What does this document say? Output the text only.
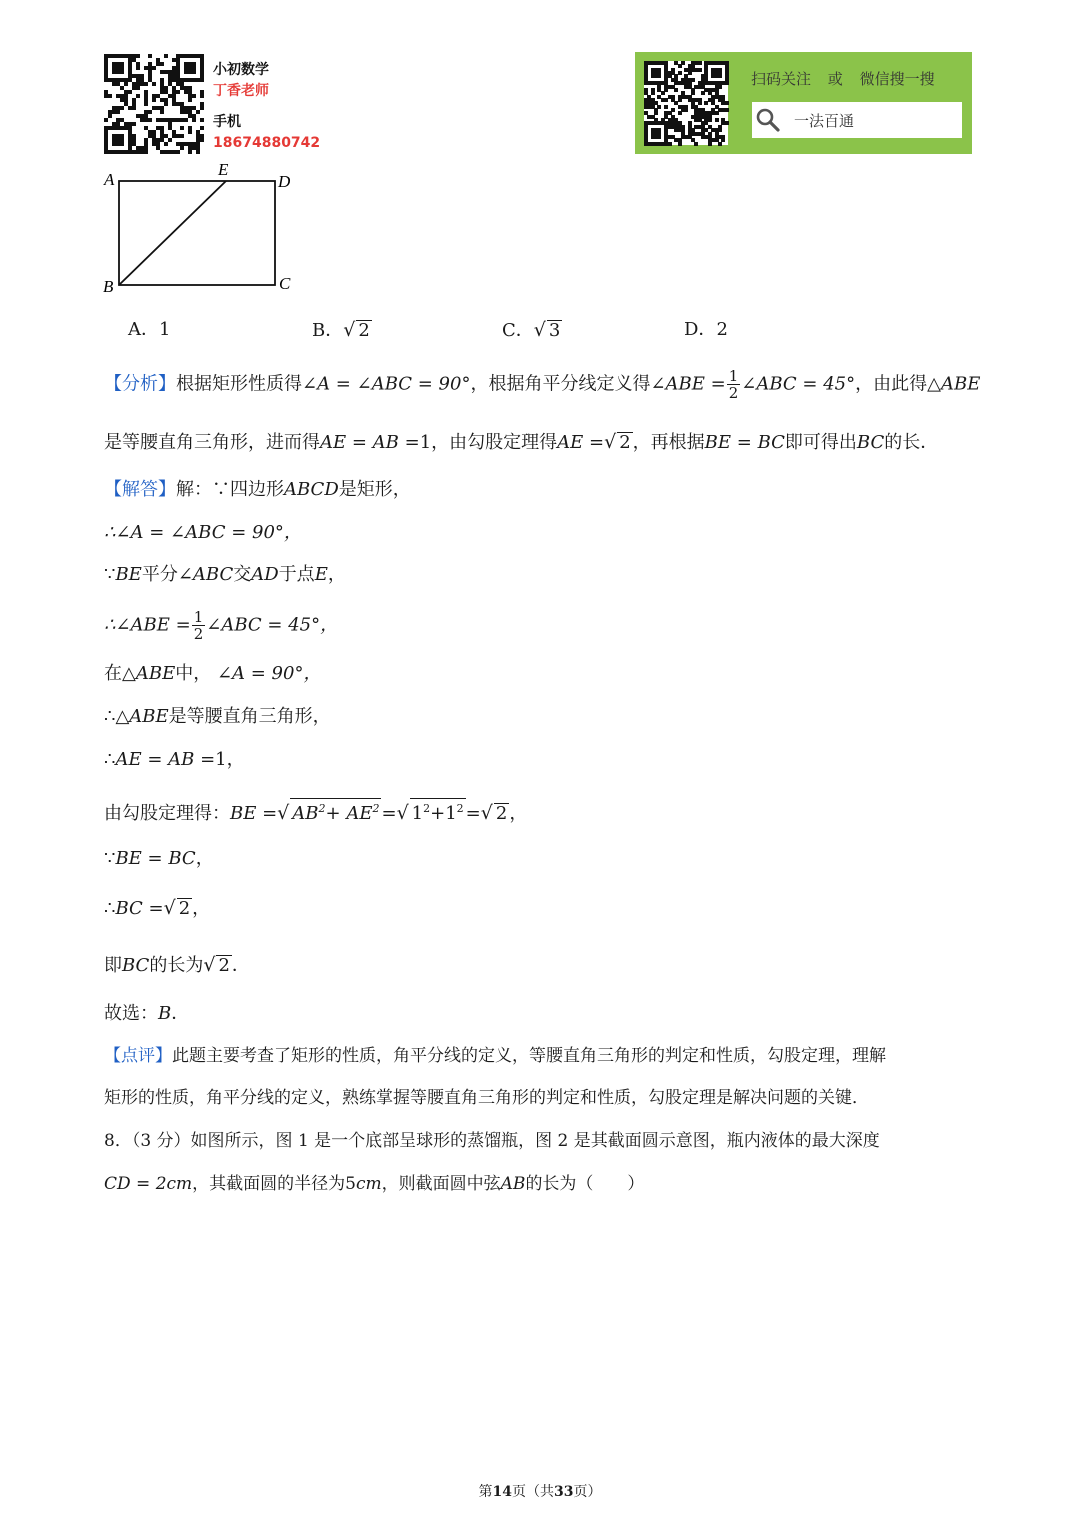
小初数学
丁香老师
手机
18674880742
扫码关注 或 微信搜一搜
一法百通
A
E
D
B	C
A．1	B．√ 2	C．√ 3	D．2
【分析】根据矩形性质得∠A = ∠ABC = 90°，根据角平分线定义得∠ABE = $\frac{1}{2}$ ∠ABC = 45°，由此得△ABE
是等腰直角三角形，进而得AE = AB =1，由勾股定理得AE =√ 2 ，再根据BE = BC即可得出BC的长．
【解答】解：∵四边形ABCD是矩形，
∴∠A = ∠ABC = 90°，
∵BE平分∠ABC交AD于点E，
∴∠ABE = $\frac{1}{2}$ ∠ABC = 45°，
在△ABE中， ∠A = 90°，
∴△ABE是等腰直角三角形，
∴AE = AB =1，
由勾股定理得：BE =√ $AB^2+ AE^2$ =√ $1^2+1^2$ =√ 2 ，
∵BE = BC，
∴BC =√ 2 ，
即BC的长为√ 2 ．
故选：B．
【点评】此题主要考查了矩形的性质，角平分线的定义，等腰直角三角形的判定和性质，勾股定理，理解
矩形的性质，角平分线的定义，熟练掌握等腰直角三角形的判定和性质，勾股定理是解决问题的关键．
8．（3 分）如图所示，图 1 是一个底部呈球形的蒸馏瓶，图 2 是其截面圆示意图，瓶内液体的最大深度
CD = 2cm，其截面圆的半径为5cm，则截面圆中弦AB的长为（　　）
第14页（共33页）
